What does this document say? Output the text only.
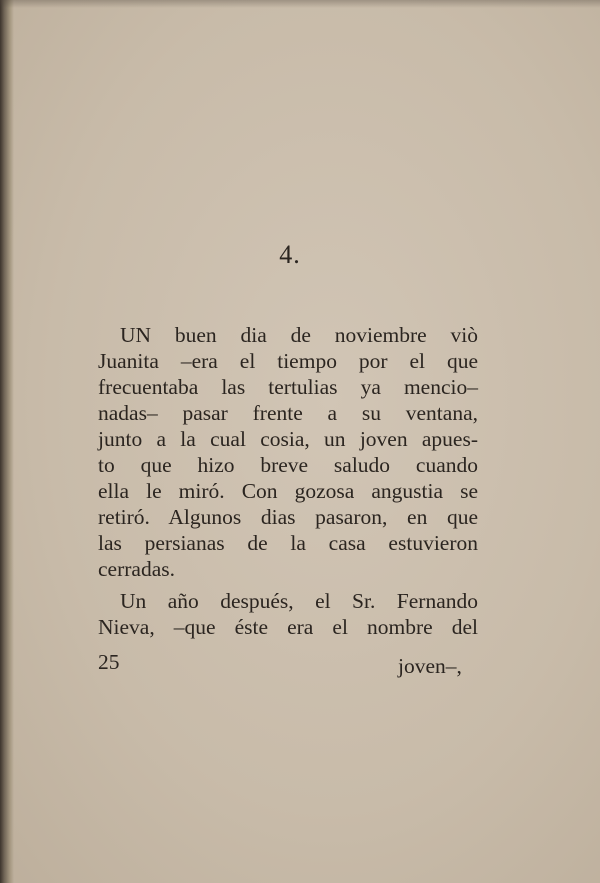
4.
UN buen dia de noviembre viò
Juanita –era el tiempo por el que
frecuentaba las tertulias ya mencio–
nadas– pasar frente a su ventana,
junto a la cual cosia, un joven apues-
to que hizo breve saludo cuando
ella le miró. Con gozosa angustia se
retiró. Algunos dias pasaron, en que
las persianas de la casa estuvieron
cerradas.
Un año después, el Sr. Fernando
Nieva, –que éste era el nombre del
25	joven–,
